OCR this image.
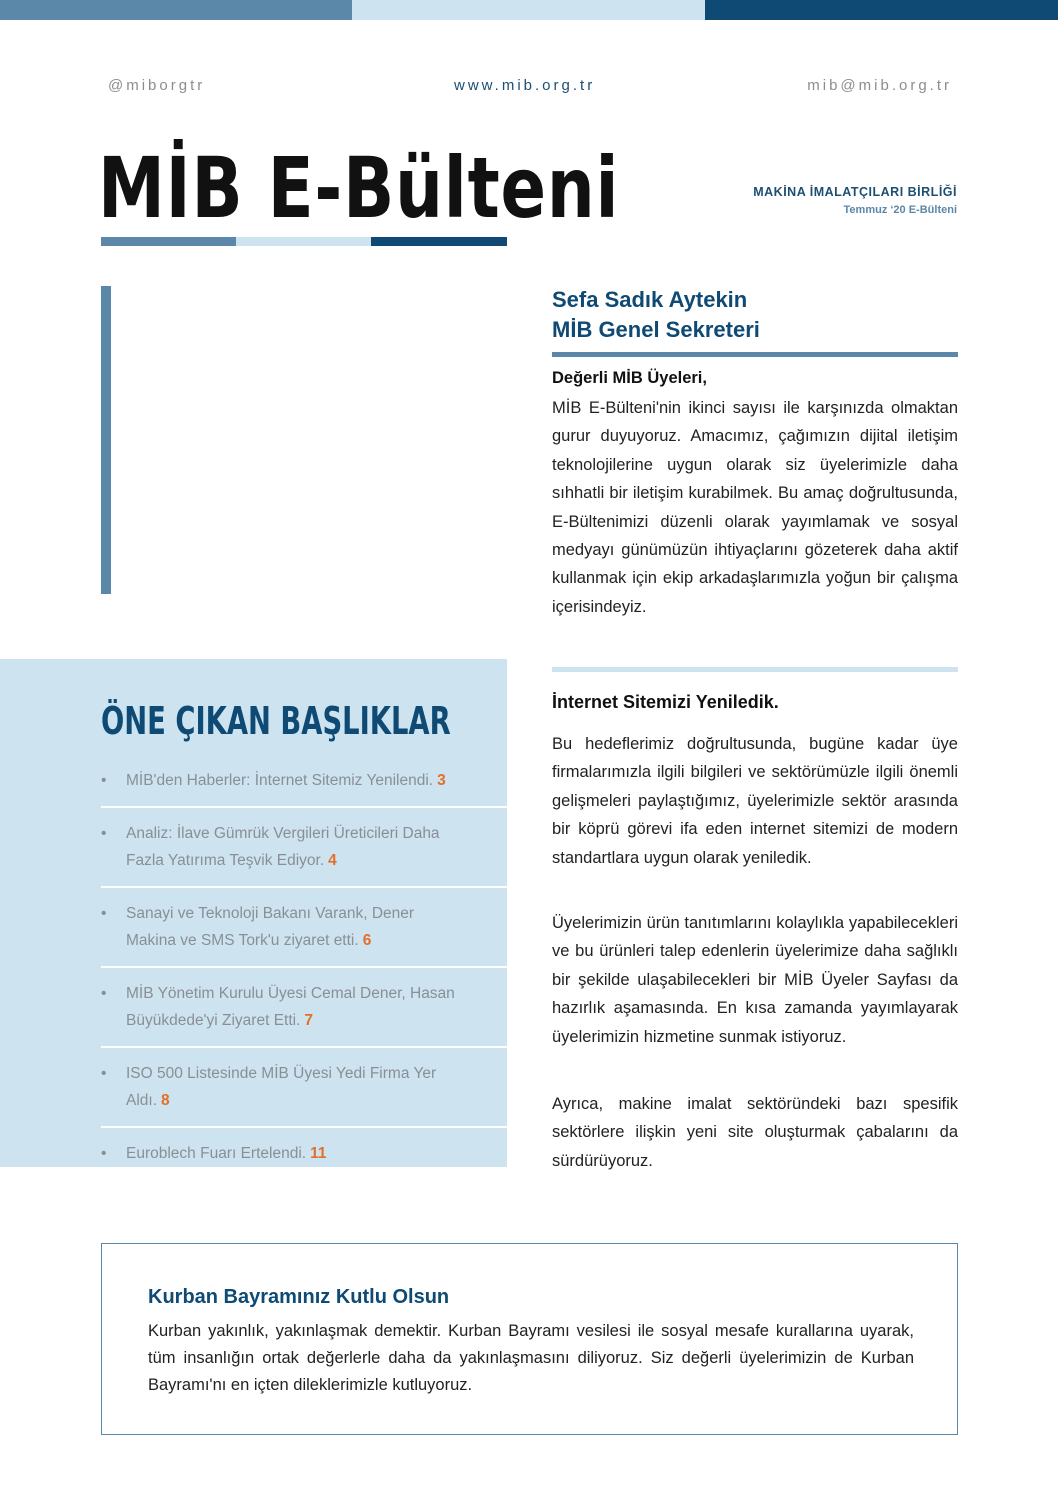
@miborgtr	www.mib.org.tr	mib@mib.org.tr
MİB E-Bülteni	MAKİNA İMALATÇILARI BİRLİĞİ
Temmuz ‘20 E-Bülteni
ÖNE ÇIKAN BAŞLIKLAR
• MİB'den Haberler: İnternet Sitemiz Yenilendi. 3
• Analiz: İlave Gümrük Vergileri Üreticileri Daha Fazla Yatırıma Teşvik Ediyor. 4
• Sanayi ve Teknoloji Bakanı Varank, Dener Makina ve SMS Tork'u ziyaret etti. 6
• MİB Yönetim Kurulu Üyesi Cemal Dener, Hasan Büyükdede'yi Ziyaret Etti. 7
• ISO 500 Listesinde MİB Üyesi Yedi Firma Yer Aldı. 8
• Euroblech Fuarı Ertelendi. 11
Sefa Sadık Aytekin
MİB Genel Sekreteri
Değerli MİB Üyeleri,
MİB E-Bülteni'nin ikinci sayısı ile karşınızda olmaktan gurur duyuyoruz. Amacımız, çağımızın dijital iletişim teknolojilerine uygun olarak siz üyelerimizle daha sıhhatli bir iletişim kurabilmek. Bu amaç doğrultusunda, E-Bültenimizi düzenli olarak yayımlamak ve sosyal medyayı günümüzün ihtiyaçlarını gözeterek daha aktif kullanmak için ekip arkadaşlarımızla yoğun bir çalışma içerisindeyiz.
İnternet Sitemizi Yeniledik.
Bu hedeflerimiz doğrultusunda, bugüne kadar üye firmalarımızla ilgili bilgileri ve sektörümüzle ilgili önemli gelişmeleri paylaştığımız, üyelerimizle sektör arasında bir köprü görevi ifa eden internet sitemizi de modern standartlara uygun olarak yeniledik.
Üyelerimizin ürün tanıtımlarını kolaylıkla yapabilecekleri ve bu ürünleri talep edenlerin üyelerimize daha sağlıklı bir şekilde ulaşabilecekleri bir MİB Üyeler Sayfası da hazırlık aşamasında. En kısa zamanda yayımlayarak üyelerimizin hizmetine sunmak istiyoruz.
Ayrıca, makine imalat sektöründeki bazı spesifik sektörlere ilişkin yeni site oluşturmak çabalarını da sürdürüyoruz.
Kurban Bayramınız Kutlu Olsun
Kurban yakınlık, yakınlaşmak demektir. Kurban Bayramı vesilesi ile sosyal mesafe kurallarına uyarak, tüm insanlığın ortak değerlerle daha da yakınlaşmasını diliyoruz. Siz değerli üyelerimizin de Kurban Bayramı'nı en içten dileklerimizle kutluyoruz.
